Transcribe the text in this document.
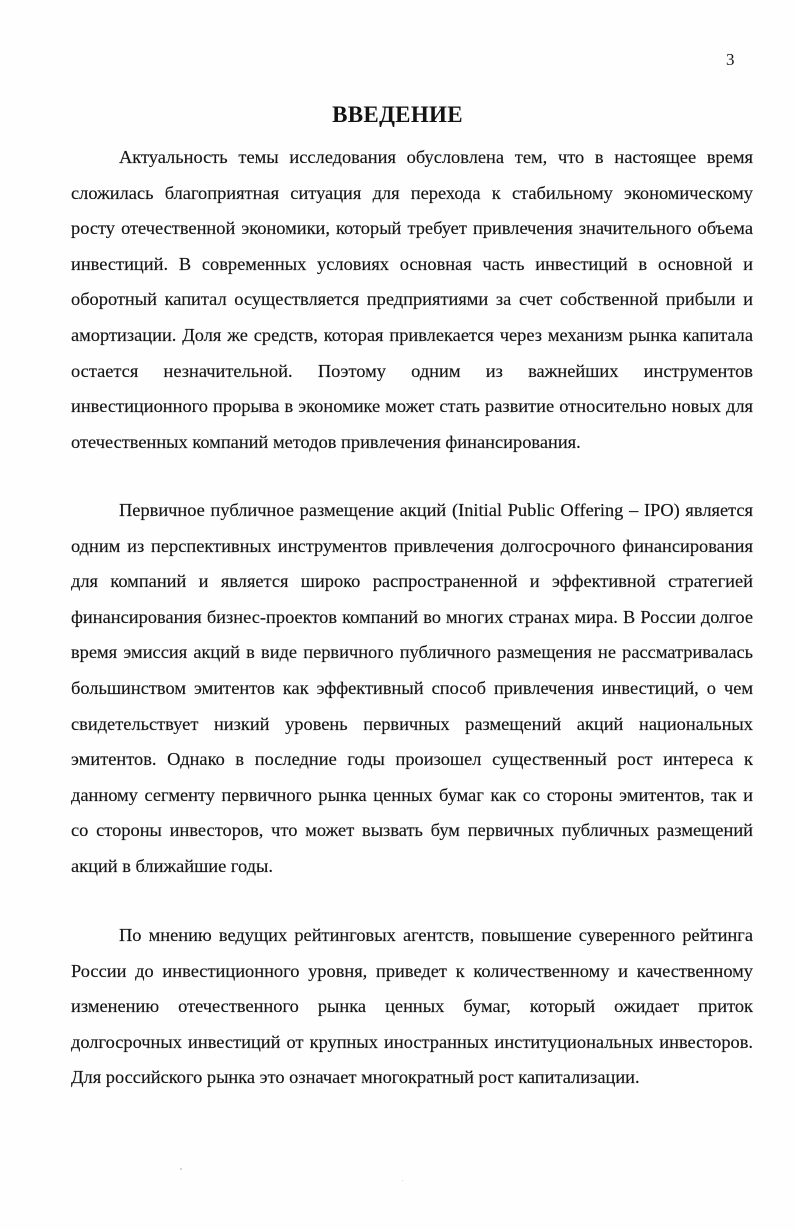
3
ВВЕДЕНИЕ
Актуальность темы исследования обусловлена тем, что в настоящее время сложилась благоприятная ситуация для перехода к стабильному экономическому росту отечественной экономики, который требует привлечения значительного объема инвестиций. В современных условиях основная часть инвестиций в основной и оборотный капитал осуществляется предприятиями за счет собственной прибыли и амортизации. Доля же средств, которая привлекается через механизм рынка капитала остается незначительной. Поэтому одним из важнейших инструментов инвестиционного прорыва в экономике может стать развитие относительно новых для отечественных компаний методов привлечения финансирования.
Первичное публичное размещение акций (Initial Public Offering – IPO) является одним из перспективных инструментов привлечения долгосрочного финансирования для компаний и является широко распространенной и эффективной стратегией финансирования бизнес-проектов компаний во многих странах мира. В России долгое время эмиссия акций в виде первичного публичного размещения не рассматривалась большинством эмитентов как эффективный способ привлечения инвестиций, о чем свидетельствует низкий уровень первичных размещений акций национальных эмитентов. Однако в последние годы произошел существенный рост интереса к данному сегменту первичного рынка ценных бумаг как со стороны эмитентов, так и со стороны инвесторов, что может вызвать бум первичных публичных размещений акций в ближайшие годы.
По мнению ведущих рейтинговых агентств, повышение суверенного рейтинга России до инвестиционного уровня, приведет к количественному и качественному изменению отечественного рынка ценных бумаг, который ожидает приток долгосрочных инвестиций от крупных иностранных институциональных инвесторов. Для российского рынка это означает многократный рост капитализации.
